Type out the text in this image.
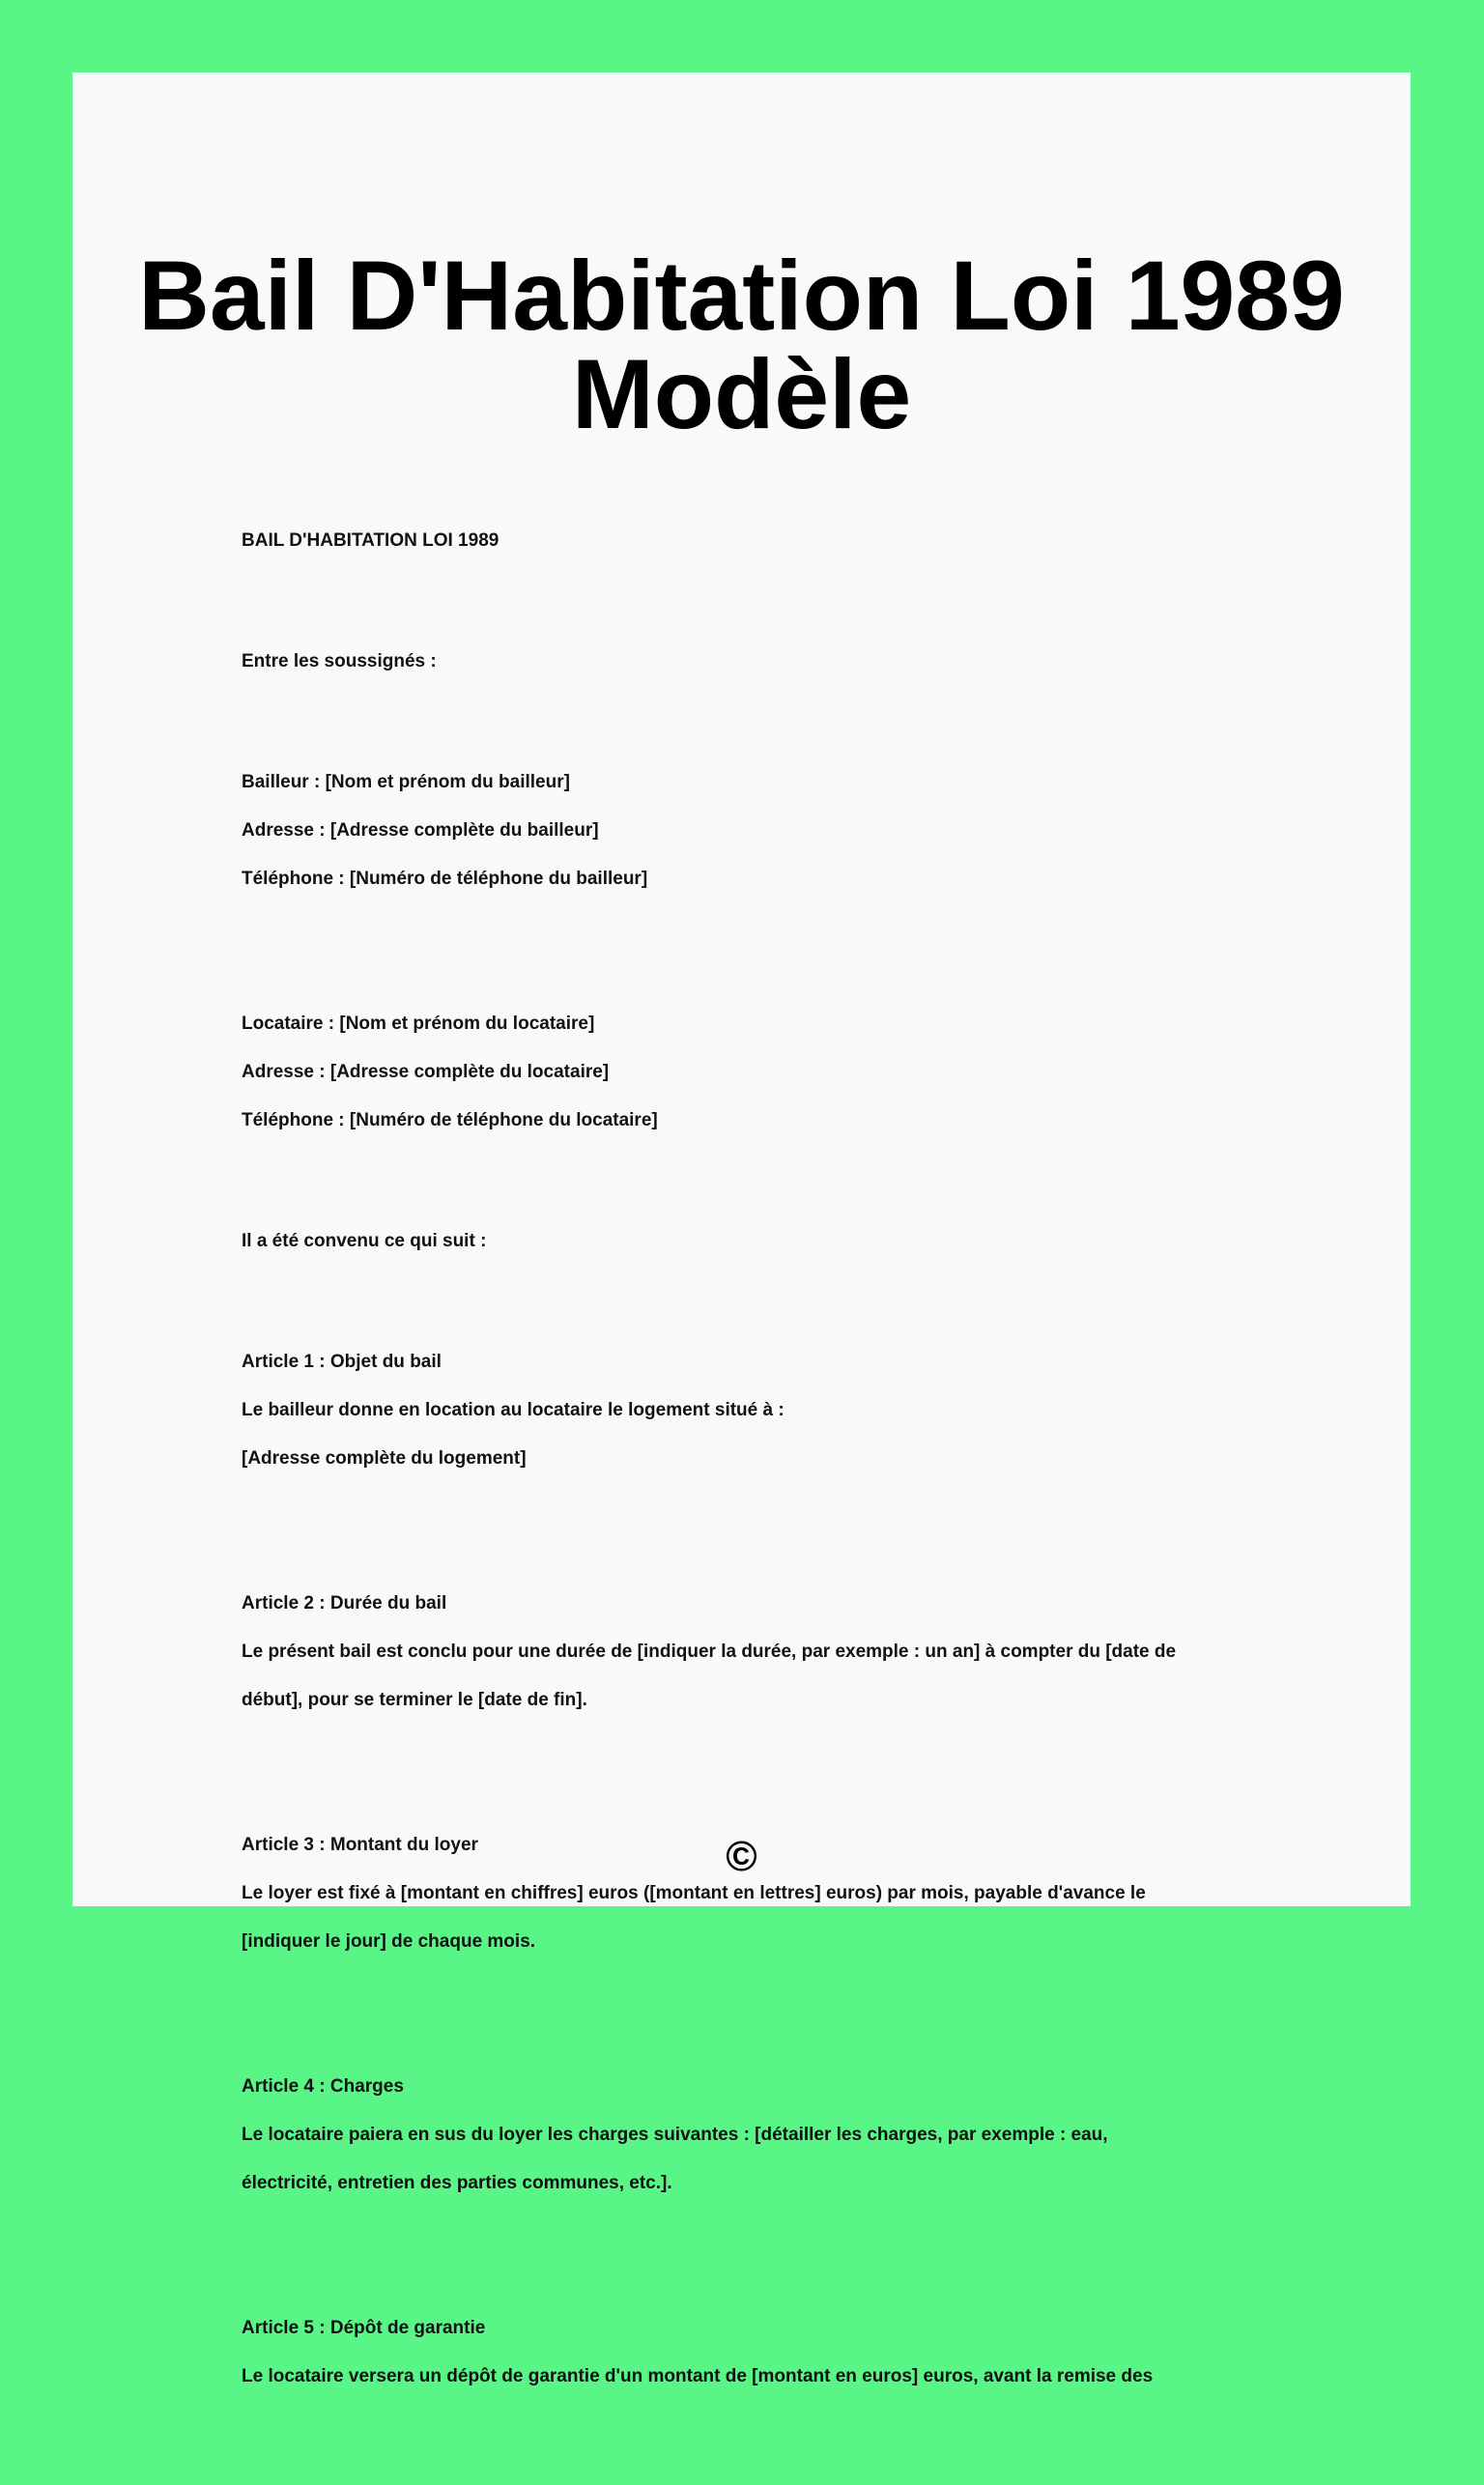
Bail D'Habitation Loi 1989
Modèle

BAIL D'HABITATION LOI 1989

Entre les soussignés :

Bailleur : [Nom et prénom du bailleur]

Adresse : [Adresse complète du bailleur]

Téléphone : [Numéro de téléphone du bailleur]

Locataire : [Nom et prénom du locataire]

Adresse : [Adresse complète du locataire]

Téléphone : [Numéro de téléphone du locataire]

Il a été convenu ce qui suit :

Article 1 : Objet du bail

Le bailleur donne en location au locataire le logement situé à :

[Adresse complète du logement]

Article 2 : Durée du bail

Le présent bail est conclu pour une durée de [indiquer la durée, par exemple : un an] à compter du [date de

début], pour se terminer le [date de fin].

Article 3 : Montant du loyer

Le loyer est fixé à [montant en chiffres] euros ([montant en lettres] euros) par mois, payable d'avance le

[indiquer le jour] de chaque mois.

Article 4 : Charges

Le locataire paiera en sus du loyer les charges suivantes : [détailler les charges, par exemple : eau,

électricité, entretien des parties communes, etc.].

Article 5 : Dépôt de garantie

Le locataire versera un dépôt de garantie d'un montant de [montant en euros] euros, avant la remise des

©
